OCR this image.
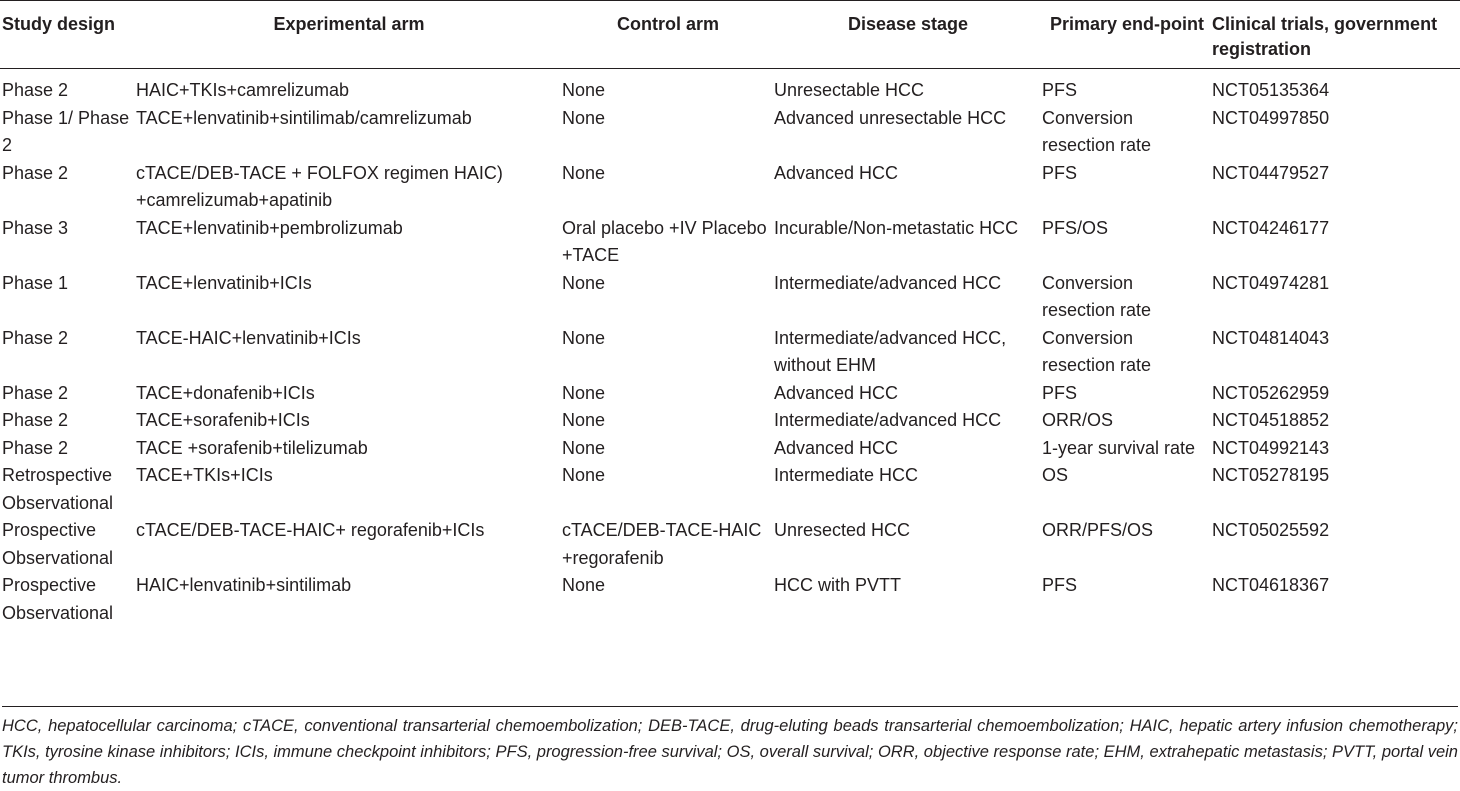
Study design	Experimental arm	Control arm	Disease stage	Primary end-point	Clinical trials, government registration
Phase 2	HAIC+TKIs+camrelizumab	None	Unresectable HCC	PFS	NCT05135364
Phase 1/ Phase 2	TACE+lenvatinib+sintilimab/camrelizumab	None	Advanced unresectable HCC	Conversion resection rate	NCT04997850
Phase 2	cTACE/DEB-TACE + FOLFOX regimen HAIC) +camrelizumab+apatinib	None	Advanced HCC	PFS	NCT04479527
Phase 3	TACE+lenvatinib+pembrolizumab	Oral placebo +IV Placebo +TACE	Incurable/Non-metastatic HCC	PFS/OS	NCT04246177
Phase 1	TACE+lenvatinib+ICIs	None	Intermediate/advanced HCC	Conversion resection rate	NCT04974281
Phase 2	TACE-HAIC+lenvatinib+ICIs	None	Intermediate/advanced HCC, without EHM	Conversion resection rate	NCT04814043
Phase 2	TACE+donafenib+ICIs	None	Advanced HCC	PFS	NCT05262959
Phase 2	TACE+sorafenib+ICIs	None	Intermediate/advanced HCC	ORR/OS	NCT04518852
Phase 2	TACE +sorafenib+tilelizumab	None	Advanced HCC	1-year survival rate	NCT04992143
Retrospective Observational	TACE+TKIs+ICIs	None	Intermediate HCC	OS	NCT05278195
Prospective Observational	cTACE/DEB-TACE-HAIC+ regorafenib+ICIs	cTACE/DEB-TACE-HAIC +regorafenib	Unresected HCC	ORR/PFS/OS	NCT05025592
Prospective Observational	HAIC+lenvatinib+sintilimab	None	HCC with PVTT	PFS	NCT04618367
HCC, hepatocellular carcinoma; cTACE, conventional transarterial chemoembolization; DEB-TACE, drug-eluting beads transarterial chemoembolization; HAIC, hepatic artery infusion chemotherapy; TKIs, tyrosine kinase inhibitors; ICIs, immune checkpoint inhibitors; PFS, progression-free survival; OS, overall survival; ORR, objective response rate; EHM, extrahepatic metastasis; PVTT, portal vein tumor thrombus.
